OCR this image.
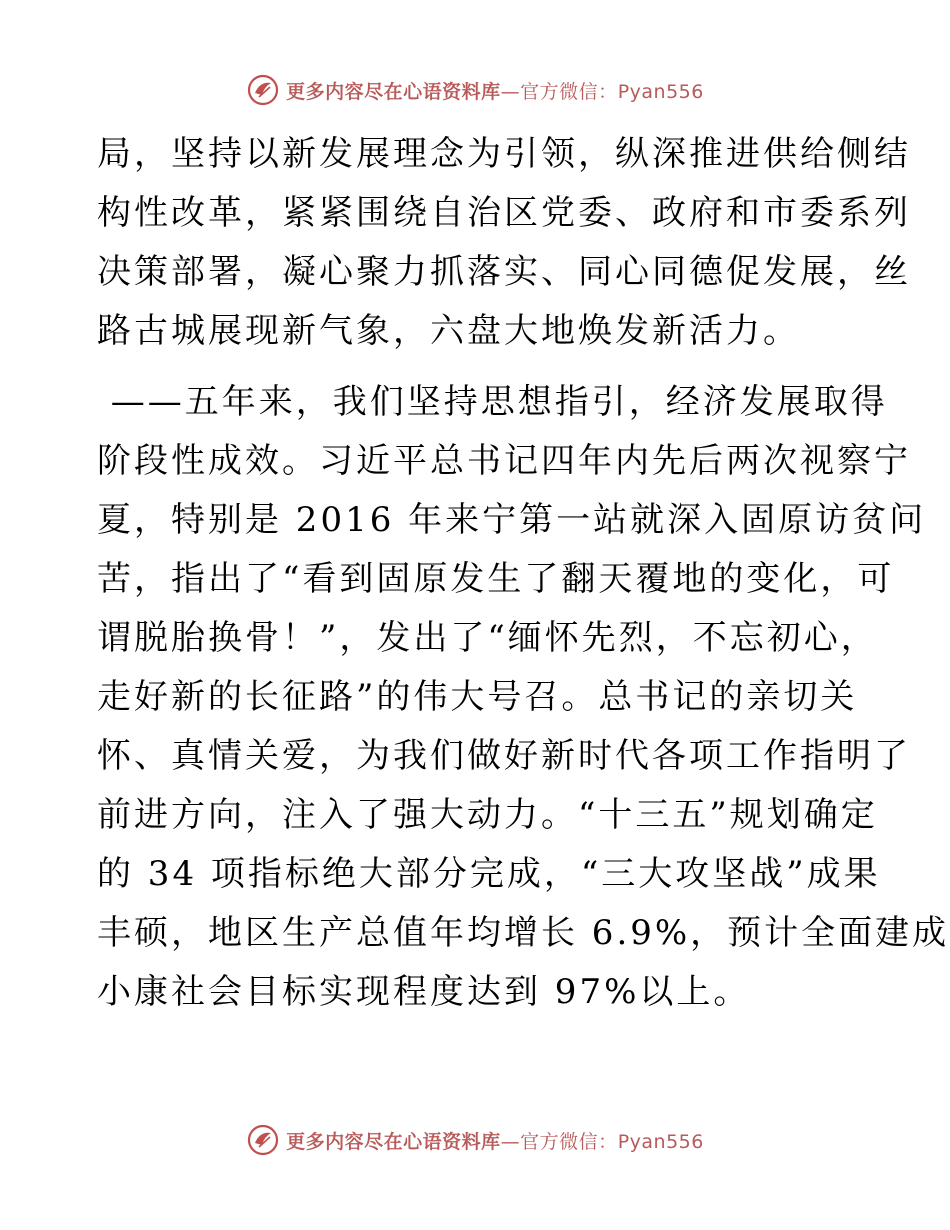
更多内容尽在心语资料库—官方微信：Pyan556
局，坚持以新发展理念为引领，纵深推进供给侧结
构性改革，紧紧围绕自治区党委、政府和市委系列
决策部署，凝心聚力抓落实、同心同德促发展，丝
路古城展现新气象，六盘大地焕发新活力。
——五年来，我们坚持思想指引，经济发展取得
阶段性成效。习近平总书记四年内先后两次视察宁
夏，特别是 2016 年来宁第一站就深入固原访贫问
苦，指出了“看到固原发生了翻天覆地的变化，可
谓脱胎换骨！”，发出了“缅怀先烈，不忘初心，
走好新的长征路”的伟大号召。总书记的亲切关
怀、真情关爱，为我们做好新时代各项工作指明了
前进方向，注入了强大动力。“十三五”规划确定
的 34 项指标绝大部分完成，“三大攻坚战”成果
丰硕，地区生产总值年均增长 6.9%，预计全面建成
小康社会目标实现程度达到 97%以上。
更多内容尽在心语资料库—官方微信：Pyan556
